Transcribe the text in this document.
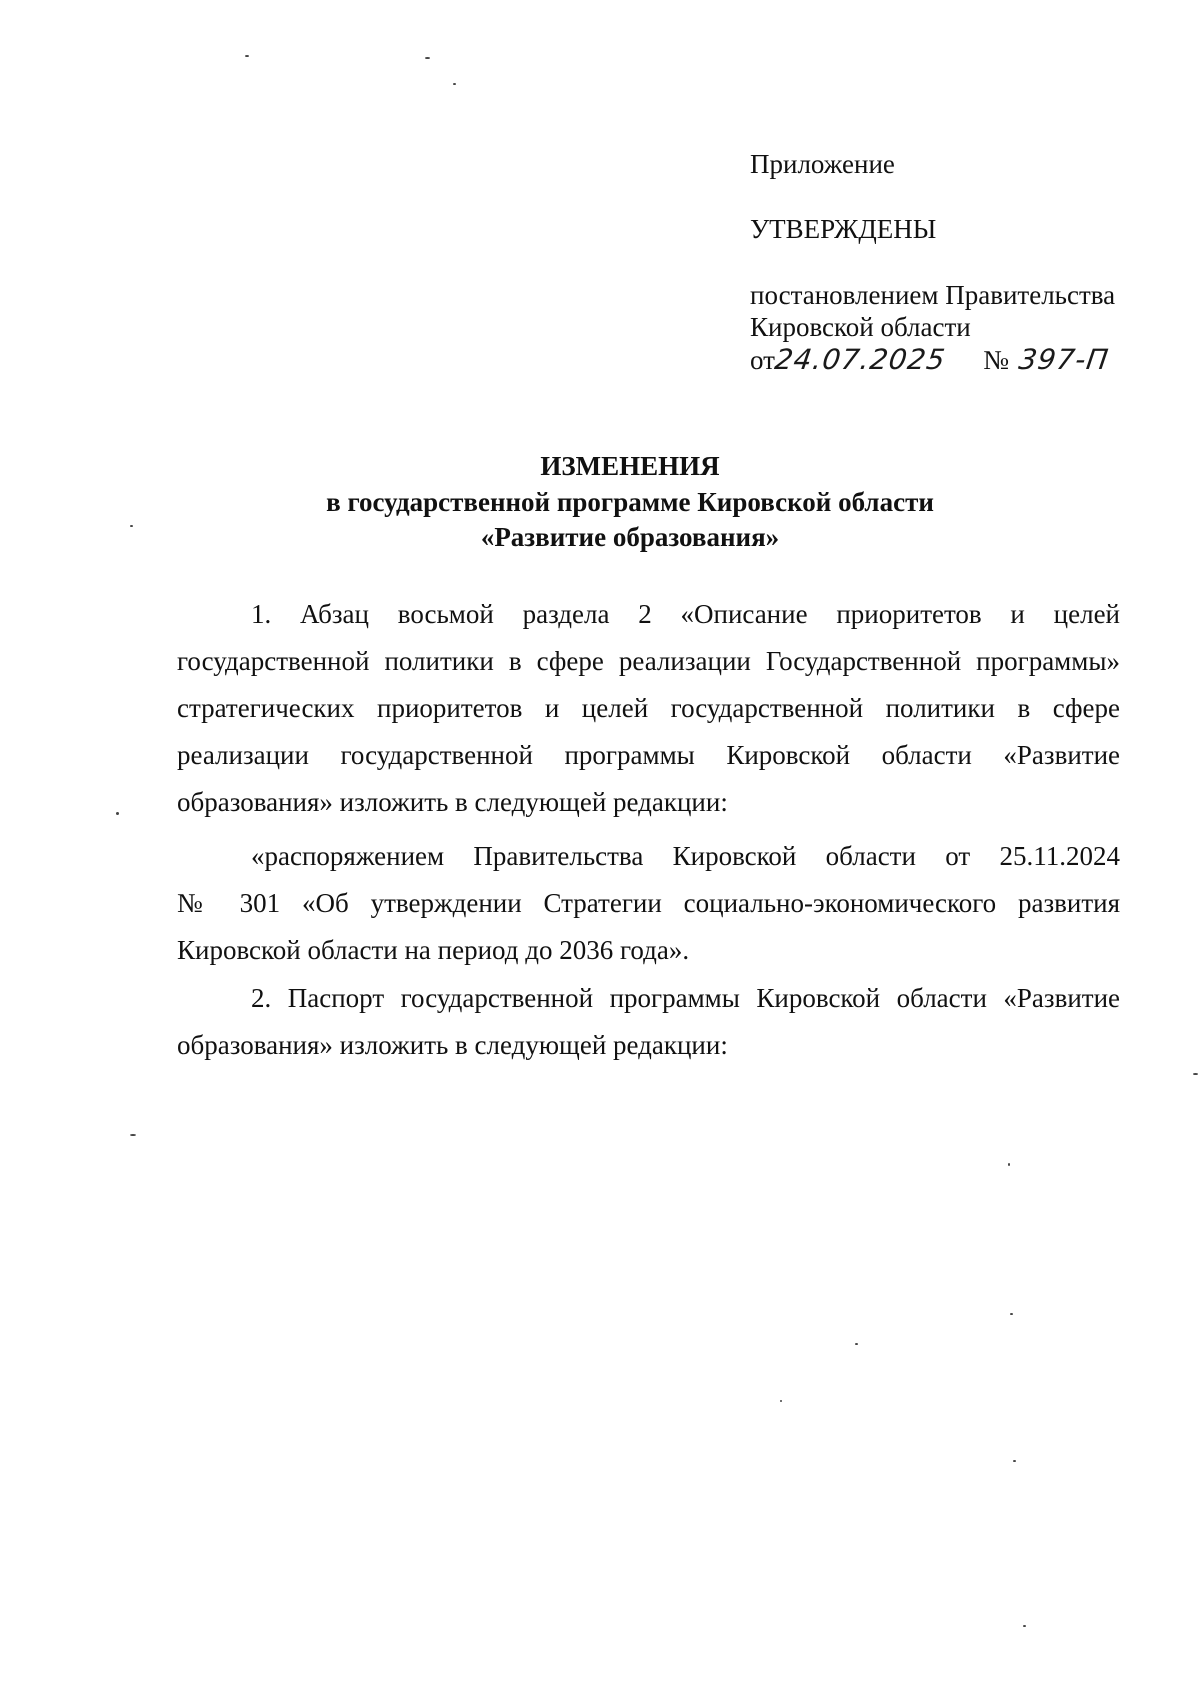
Приложение
УТВЕРЖДЕНЫ
постановлением Правительства
Кировской области
от24.07.2025 № 397-П
ИЗМЕНЕНИЯ
в государственной программе Кировской области
«Развитие образования»
1. Абзац восьмой раздела 2 «Описание приоритетов и целей
государственной политики в сфере реализации Государственной программы»
стратегических приоритетов и целей государственной политики в сфере
реализации государственной программы Кировской области «Развитие
образования» изложить в следующей редакции:
«распоряжением Правительства Кировской области от 25.11.2024
№ 301 «Об утверждении Стратегии социально-экономического развития
Кировской области на период до 2036 года».
2. Паспорт государственной программы Кировской области «Развитие
образования» изложить в следующей редакции:
